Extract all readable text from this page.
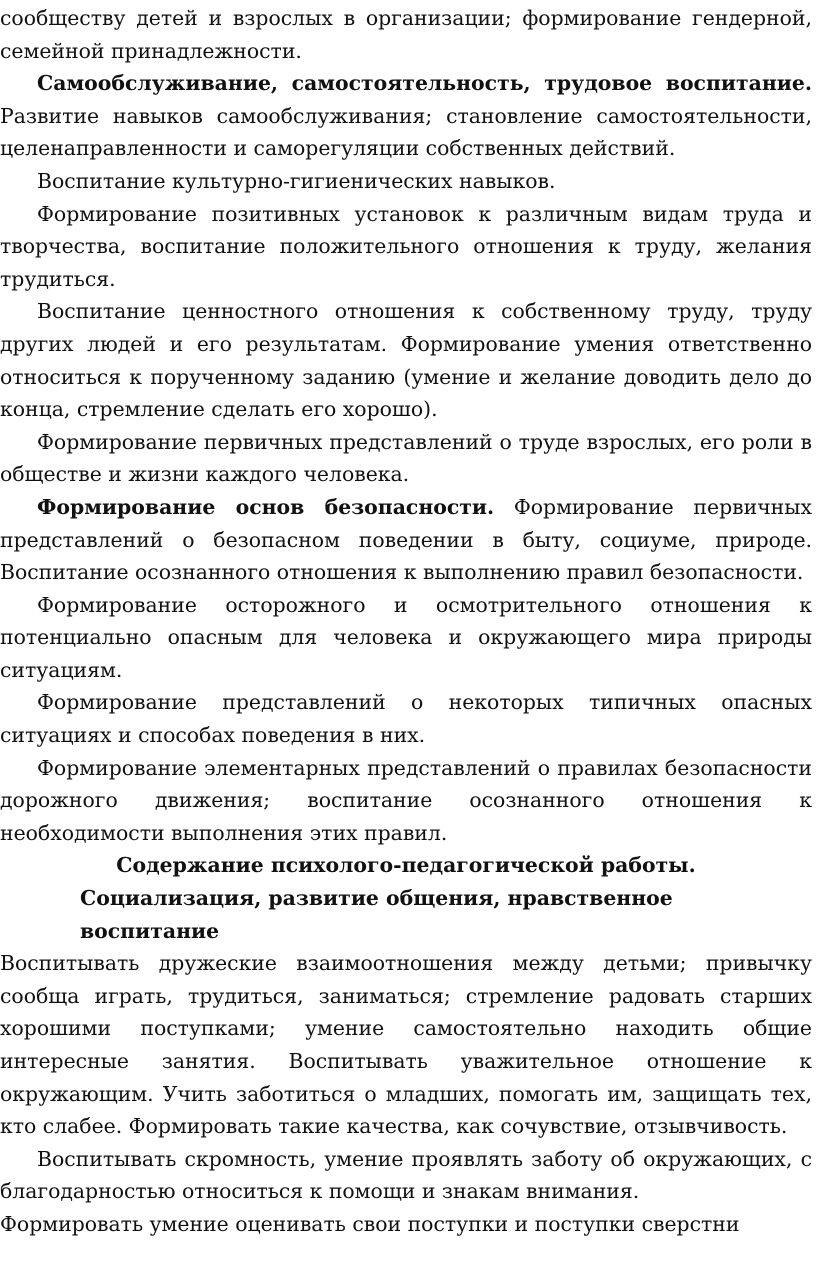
сообществу детей и взрослых в организации; формирование гендерной, семейной принадлежности.

Самообслуживание, самостоятельность, трудовое воспитание. Развитие навыков самообслуживания; становление самостоятельности, целенаправленности и саморегуляции собственных действий.

Воспитание культурно-гигиенических навыков.

Формирование позитивных установок к различным видам труда и творчества, воспитание положительного отношения к труду, желания трудиться.

Воспитание ценностного отношения к собственному труду, труду других людей и его результатам. Формирование умения ответственно относиться к порученному заданию (умение и желание доводить дело до конца, стремление сделать его хорошо).

Формирование первичных представлений о труде взрослых, его роли в обществе и жизни каждого человека.

Формирование основ безопасности. Формирование первичных представлений о безопасном поведении в быту, социуме, природе. Воспитание осознанного отношения к выполнению правил безопасности.

Формирование осторожного и осмотрительного отношения к потенциально опасным для человека и окружающего мира природы ситуациям.

Формирование представлений о некоторых типичных опасных ситуациях и способах поведения в них.

Формирование элементарных представлений о правилах безопасности дорожного движения; воспитание осознанного отношения к необходимости выполнения этих правил.

Содержание психолого-педагогической работы.

Социализация, развитие общения, нравственное воспитание

Воспитывать дружеские взаимоотношения между детьми; привычку сообща играть, трудиться, заниматься; стремление радовать старших хорошими поступками; умение самостоятельно находить общие интересные занятия. Воспитывать уважительное отношение к окружающим. Учить заботиться о младших, помогать им, защищать тех, кто слабее. Формировать такие качества, как сочувствие, отзывчивость.

Воспитывать скромность, умение проявлять заботу об окружающих, с благодарностью относиться к помощи и знакам внимания.

Формировать умение оценивать свои поступки и поступки сверстни
